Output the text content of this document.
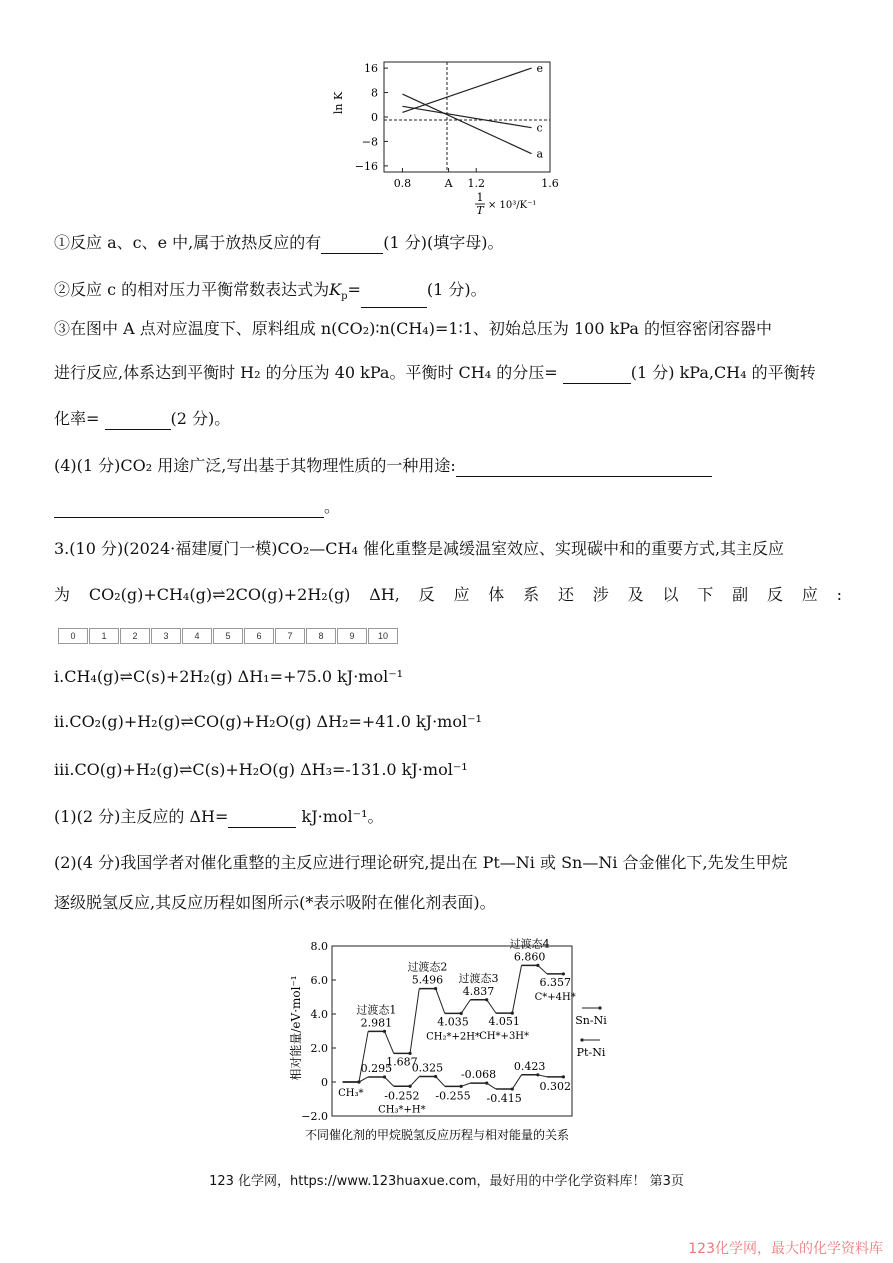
ln K
16
8
0
−8
−16
0.8	A 1.2	1.6
e
c
a
1
T × 10³/K⁻¹
①反应 a、c、e 中,属于放热反应的有	(1 分)(填字母)。
②反应 c 的相对压力平衡常数表达式为$K_p=$	(1 分)。
③在图中 A 点对应温度下、原料组成 n(CO₂)∶n(CH₄)=1∶1、初始总压为 100 kPa 的恒容密闭容器中
进行反应,体系达到平衡时 H₂ 的分压为 40 kPa。平衡时 CH₄ 的分压=	(1 分) kPa,CH₄ 的平衡转
化率=	(2 分)。
(4)(1 分)CO₂ 用途广泛,写出基于其物理性质的一种用途:
。
3.(10 分)(2024·福建厦门一模)CO₂—CH₄ 催化重整是减缓温室效应、实现碳中和的重要方式,其主反应
为 CO₂(g)+CH₄(g)⇌2CO(g)+2H₂(g) ΔH, 反 应 体 系 还 涉 及 以 下 副 反 应 :
0	1	2	3	4	5	6	7	8	9	10
ⅰ.CH₄(g)⇌C(s)+2H₂(g) ΔH₁=+75.0 kJ·mol⁻¹
ⅱ.CO₂(g)+H₂(g)⇌CO(g)+H₂O(g) ΔH₂=+41.0 kJ·mol⁻¹
ⅲ.CO(g)+H₂(g)⇌C(s)+H₂O(g) ΔH₃=-131.0 kJ·mol⁻¹
(1)(2 分)主反应的 ΔH=	kJ·mol⁻¹。
(2)(4 分)我国学者对催化重整的主反应进行理论研究,提出在 Pt—Ni 或 Sn—Ni 合金催化下,先发生甲烷
逐级脱氢反应,其反应历程如图所示(*表示吸附在催化剂表面)。
相对能量/eV·mol⁻¹
8.0
6.0
4.0
2.0
0
−2.0
2.981
1.687
5.496
4.035
4.837
4.051
6.860
6.357
0.295
-0.252
0.325
-0.255
-0.068
-0.415
0.423
0.302
过渡态1
过渡态2
过渡态3
过渡态4
CH₃*
CH₃*+H*
CH₂*+2H* CH*+3H*
C*+4H*
Sn-Ni
Pt-Ni
不同催化剂的甲烷脱氢反应历程与相对能量的关系
123 化学网，https://www.123huaxue.com，最好用的中学化学资料库！ 第3页
123化学网，最大的化学资料库
